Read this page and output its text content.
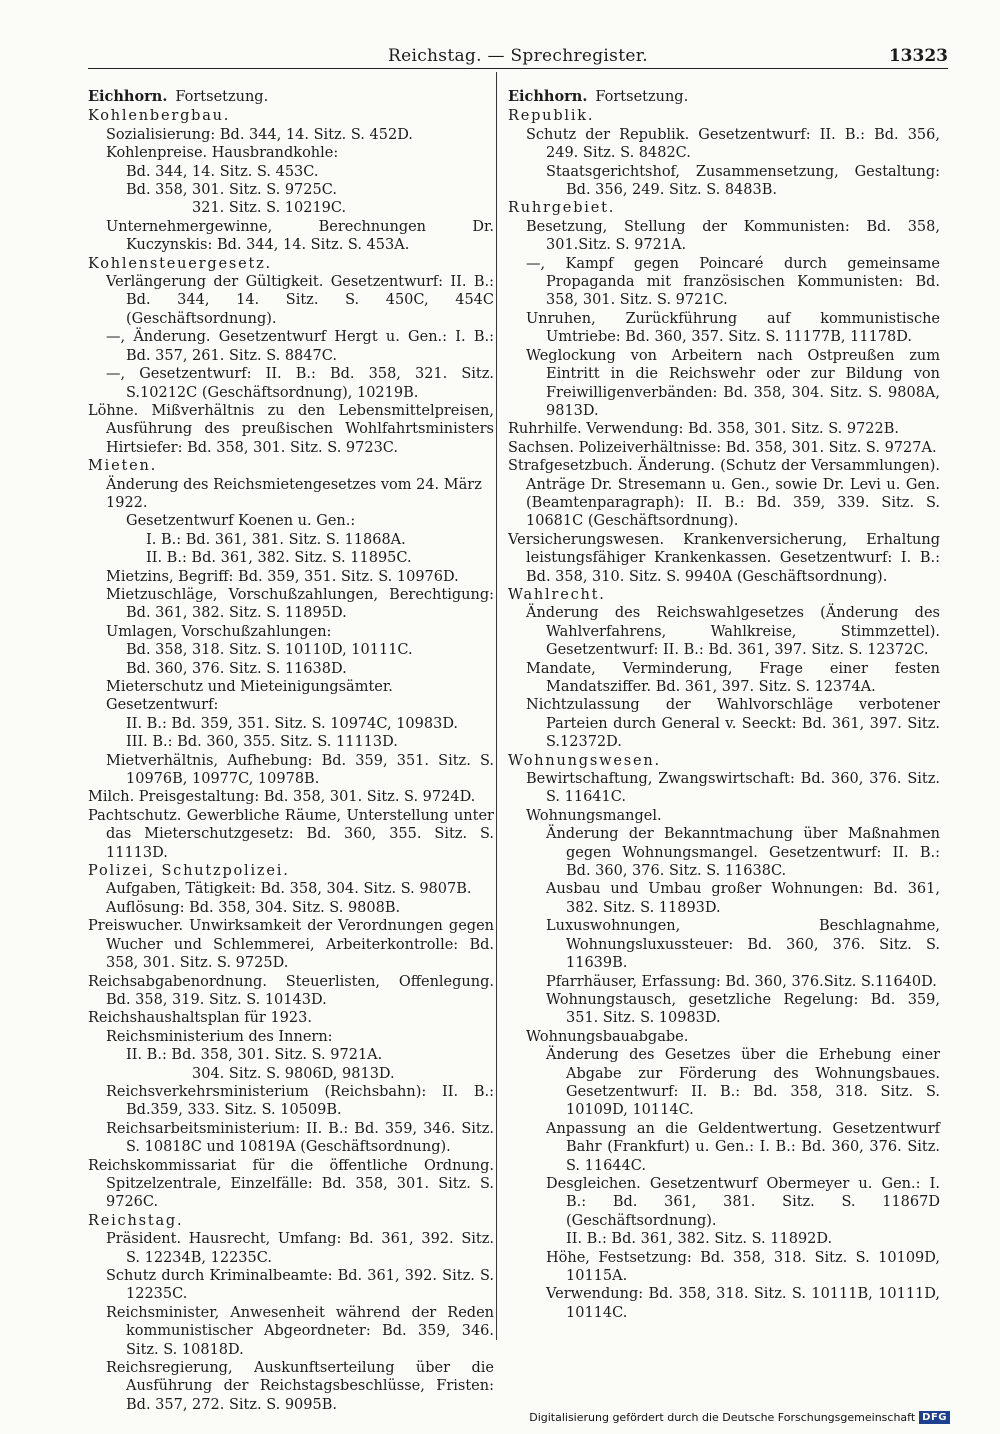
Reichstag. — Sprechregister.	13323
Eichhorn. Fortsetzung.
Kohlenbergbau.
Sozialisierung: Bd. 344, 14. Sitz. S. 452D.
Kohlenpreise. Hausbrandkohle:
Bd. 344, 14. Sitz. S. 453C.
Bd. 358, 301. Sitz. S. 9725C.
321. Sitz. S. 10219C.
Unternehmergewinne, Berechnungen Dr. Kuczynskis: Bd. 344, 14. Sitz. S. 453A.
Kohlensteuergesetz.
Verlängerung der Gültigkeit. Gesetzentwurf: II. B.: Bd. 344, 14. Sitz. S. 450C, 454C (Geschäftsordnung).
—, Änderung. Gesetzentwurf Hergt u. Gen.: I. B.: Bd. 357, 261. Sitz. S. 8847C.
—, Gesetzentwurf: II. B.: Bd. 358, 321. Sitz. S.10212C (Geschäftsordnung), 10219B.
Löhne. Mißverhältnis zu den Lebensmittelpreisen, Ausführung des preußischen Wohlfahrtsministers Hirtsiefer: Bd. 358, 301. Sitz. S. 9723C.
Mieten.
Änderung des Reichsmietengesetzes vom 24. März 1922.
Gesetzentwurf Koenen u. Gen.:
I. B.: Bd. 361, 381. Sitz. S. 11868A.
II. B.: Bd. 361, 382. Sitz. S. 11895C.
Mietzins, Begriff: Bd. 359, 351. Sitz. S. 10976D.
Mietzuschläge, Vorschußzahlungen, Berechtigung: Bd. 361, 382. Sitz. S. 11895D.
Umlagen, Vorschußzahlungen:
Bd. 358, 318. Sitz. S. 10110D, 10111C.
Bd. 360, 376. Sitz. S. 11638D.
Mieterschutz und Mieteinigungsämter. Gesetzentwurf:
II. B.: Bd. 359, 351. Sitz. S. 10974C, 10983D.
III. B.: Bd. 360, 355. Sitz. S. 11113D.
Mietverhältnis, Aufhebung: Bd. 359, 351. Sitz. S. 10976B, 10977C, 10978B.
Milch. Preisgestaltung: Bd. 358, 301. Sitz. S. 9724D.
Pachtschutz. Gewerbliche Räume, Unterstellung unter das Mieterschutzgesetz: Bd. 360, 355. Sitz. S. 11113D.
Polizei, Schutzpolizei.
Aufgaben, Tätigkeit: Bd. 358, 304. Sitz. S. 9807B.
Auflösung: Bd. 358, 304. Sitz. S. 9808B.
Preiswucher. Unwirksamkeit der Verordnungen gegen Wucher und Schlemmerei, Arbeiterkontrolle: Bd. 358, 301. Sitz. S. 9725D.
Reichsabgabenordnung. Steuerlisten, Offenlegung. Bd. 358, 319. Sitz. S. 10143D.
Reichshaushaltsplan für 1923.
Reichsministerium des Innern:
II. B.: Bd. 358, 301. Sitz. S. 9721A.
304. Sitz. S. 9806D, 9813D.
Reichsverkehrsministerium (Reichsbahn): II. B.: Bd.359, 333. Sitz. S. 10509B.
Reichsarbeitsministerium: II. B.: Bd. 359, 346. Sitz. S. 10818C und 10819A (Geschäftsordnung).
Reichskommissariat für die öffentliche Ordnung. Spitzelzentrale, Einzelfälle: Bd. 358, 301. Sitz. S. 9726C.
Reichstag.
Präsident. Hausrecht, Umfang: Bd. 361, 392. Sitz. S. 12234B, 12235C.
Schutz durch Kriminalbeamte: Bd. 361, 392. Sitz. S. 12235C.
Reichsminister, Anwesenheit während der Reden kommunistischer Abgeordneter: Bd. 359, 346. Sitz. S. 10818D.
Reichsregierung, Auskunftserteilung über die Ausführung der Reichstagsbeschlüsse, Fristen: Bd. 357, 272. Sitz. S. 9095B.
Eichhorn. Fortsetzung.
Republik.
Schutz der Republik. Gesetzentwurf: II. B.: Bd. 356, 249. Sitz. S. 8482C.
Staatsgerichtshof, Zusammensetzung, Gestaltung: Bd. 356, 249. Sitz. S. 8483B.
Ruhrgebiet.
Besetzung, Stellung der Kommunisten: Bd. 358, 301.Sitz. S. 9721A.
—, Kampf gegen Poincaré durch gemeinsame Propaganda mit französischen Kommunisten: Bd. 358, 301. Sitz. S. 9721C.
Unruhen, Zurückführung auf kommunistische Umtriebe: Bd. 360, 357. Sitz. S. 11177B, 11178D.
Weglockung von Arbeitern nach Ostpreußen zum Eintritt in die Reichswehr oder zur Bildung von Freiwilligenverbänden: Bd. 358, 304. Sitz. S. 9808A, 9813D.
Ruhrhilfe. Verwendung: Bd. 358, 301. Sitz. S. 9722B.
Sachsen. Polizeiverhältnisse: Bd. 358, 301. Sitz. S. 9727A.
Strafgesetzbuch. Änderung. (Schutz der Versammlungen). Anträge Dr. Stresemann u. Gen., sowie Dr. Levi u. Gen. (Beamtenparagraph): II. B.: Bd. 359, 339. Sitz. S. 10681C (Geschäftsordnung).
Versicherungswesen. Krankenversicherung, Erhaltung leistungsfähiger Krankenkassen. Gesetzentwurf: I. B.: Bd. 358, 310. Sitz. S. 9940A (Geschäftsordnung).
Wahlrecht.
Änderung des Reichswahlgesetzes (Änderung des Wahlverfahrens, Wahlkreise, Stimmzettel). Gesetzentwurf: II. B.: Bd. 361, 397. Sitz. S. 12372C.
Mandate, Verminderung, Frage einer festen Mandatsziffer. Bd. 361, 397. Sitz. S. 12374A.
Nichtzulassung der Wahlvorschläge verbotener Parteien durch General v. Seeckt: Bd. 361, 397. Sitz. S.12372D.
Wohnungswesen.
Bewirtschaftung, Zwangswirtschaft: Bd. 360, 376. Sitz. S. 11641C.
Wohnungsmangel.
Änderung der Bekanntmachung über Maßnahmen gegen Wohnungsmangel. Gesetzentwurf: II. B.: Bd. 360, 376. Sitz. S. 11638C.
Ausbau und Umbau großer Wohnungen: Bd. 361, 382. Sitz. S. 11893D.
Luxuswohnungen, Beschlagnahme, Wohnungsluxussteuer: Bd. 360, 376. Sitz. S. 11639B.
Pfarrhäuser, Erfassung: Bd. 360, 376.Sitz. S.11640D.
Wohnungstausch, gesetzliche Regelung: Bd. 359, 351. Sitz. S. 10983D.
Wohnungsbauabgabe.
Änderung des Gesetzes über die Erhebung einer Abgabe zur Förderung des Wohnungsbaues. Gesetzentwurf: II. B.: Bd. 358, 318. Sitz. S. 10109D, 10114C.
Anpassung an die Geldentwertung. Gesetzentwurf Bahr (Frankfurt) u. Gen.: I. B.: Bd. 360, 376. Sitz. S. 11644C.
Desgleichen. Gesetzentwurf Obermeyer u. Gen.: I. B.: Bd. 361, 381. Sitz. S. 11867D (Geschäftsordnung).
II. B.: Bd. 361, 382. Sitz. S. 11892D.
Höhe, Festsetzung: Bd. 358, 318. Sitz. S. 10109D, 10115A.
Verwendung: Bd. 358, 318. Sitz. S. 10111B, 10111D, 10114C.
Digitalisierung gefördert durch die Deutsche Forschungsgemeinschaft DFG
